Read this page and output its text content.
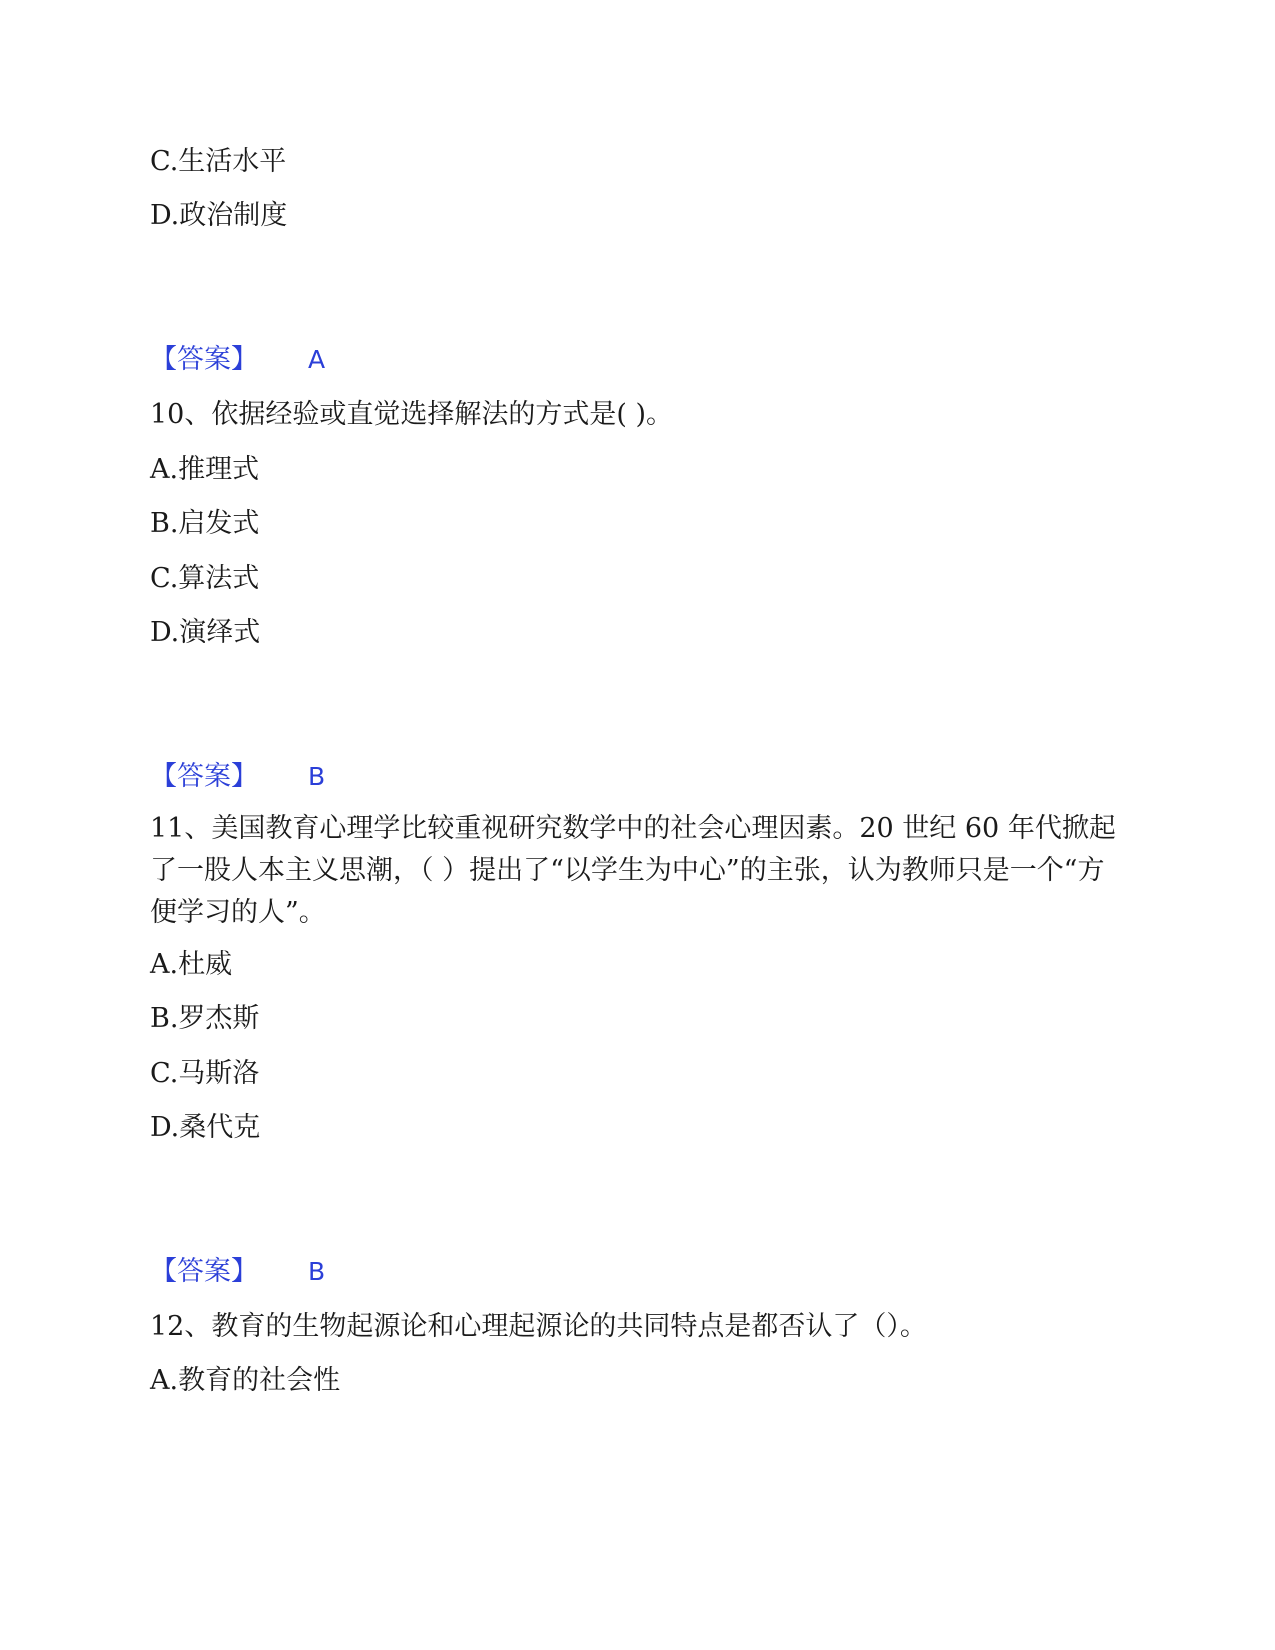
C.生活水平
D.政治制度
【答案】 A
10、依据经验或直觉选择解法的方式是( )。
A.推理式
B.启发式
C.算法式
D.演绎式
【答案】 B
11、美国教育心理学比较重视研究数学中的社会心理因素。20 世纪 60 年代掀起了一股人本主义思潮，（ ）提出了“以学生为中心”的主张，认为教师只是一个“方便学习的人”。
A.杜威
B.罗杰斯
C.马斯洛
D.桑代克
【答案】 B
12、教育的生物起源论和心理起源论的共同特点是都否认了（）。
A.教育的社会性
